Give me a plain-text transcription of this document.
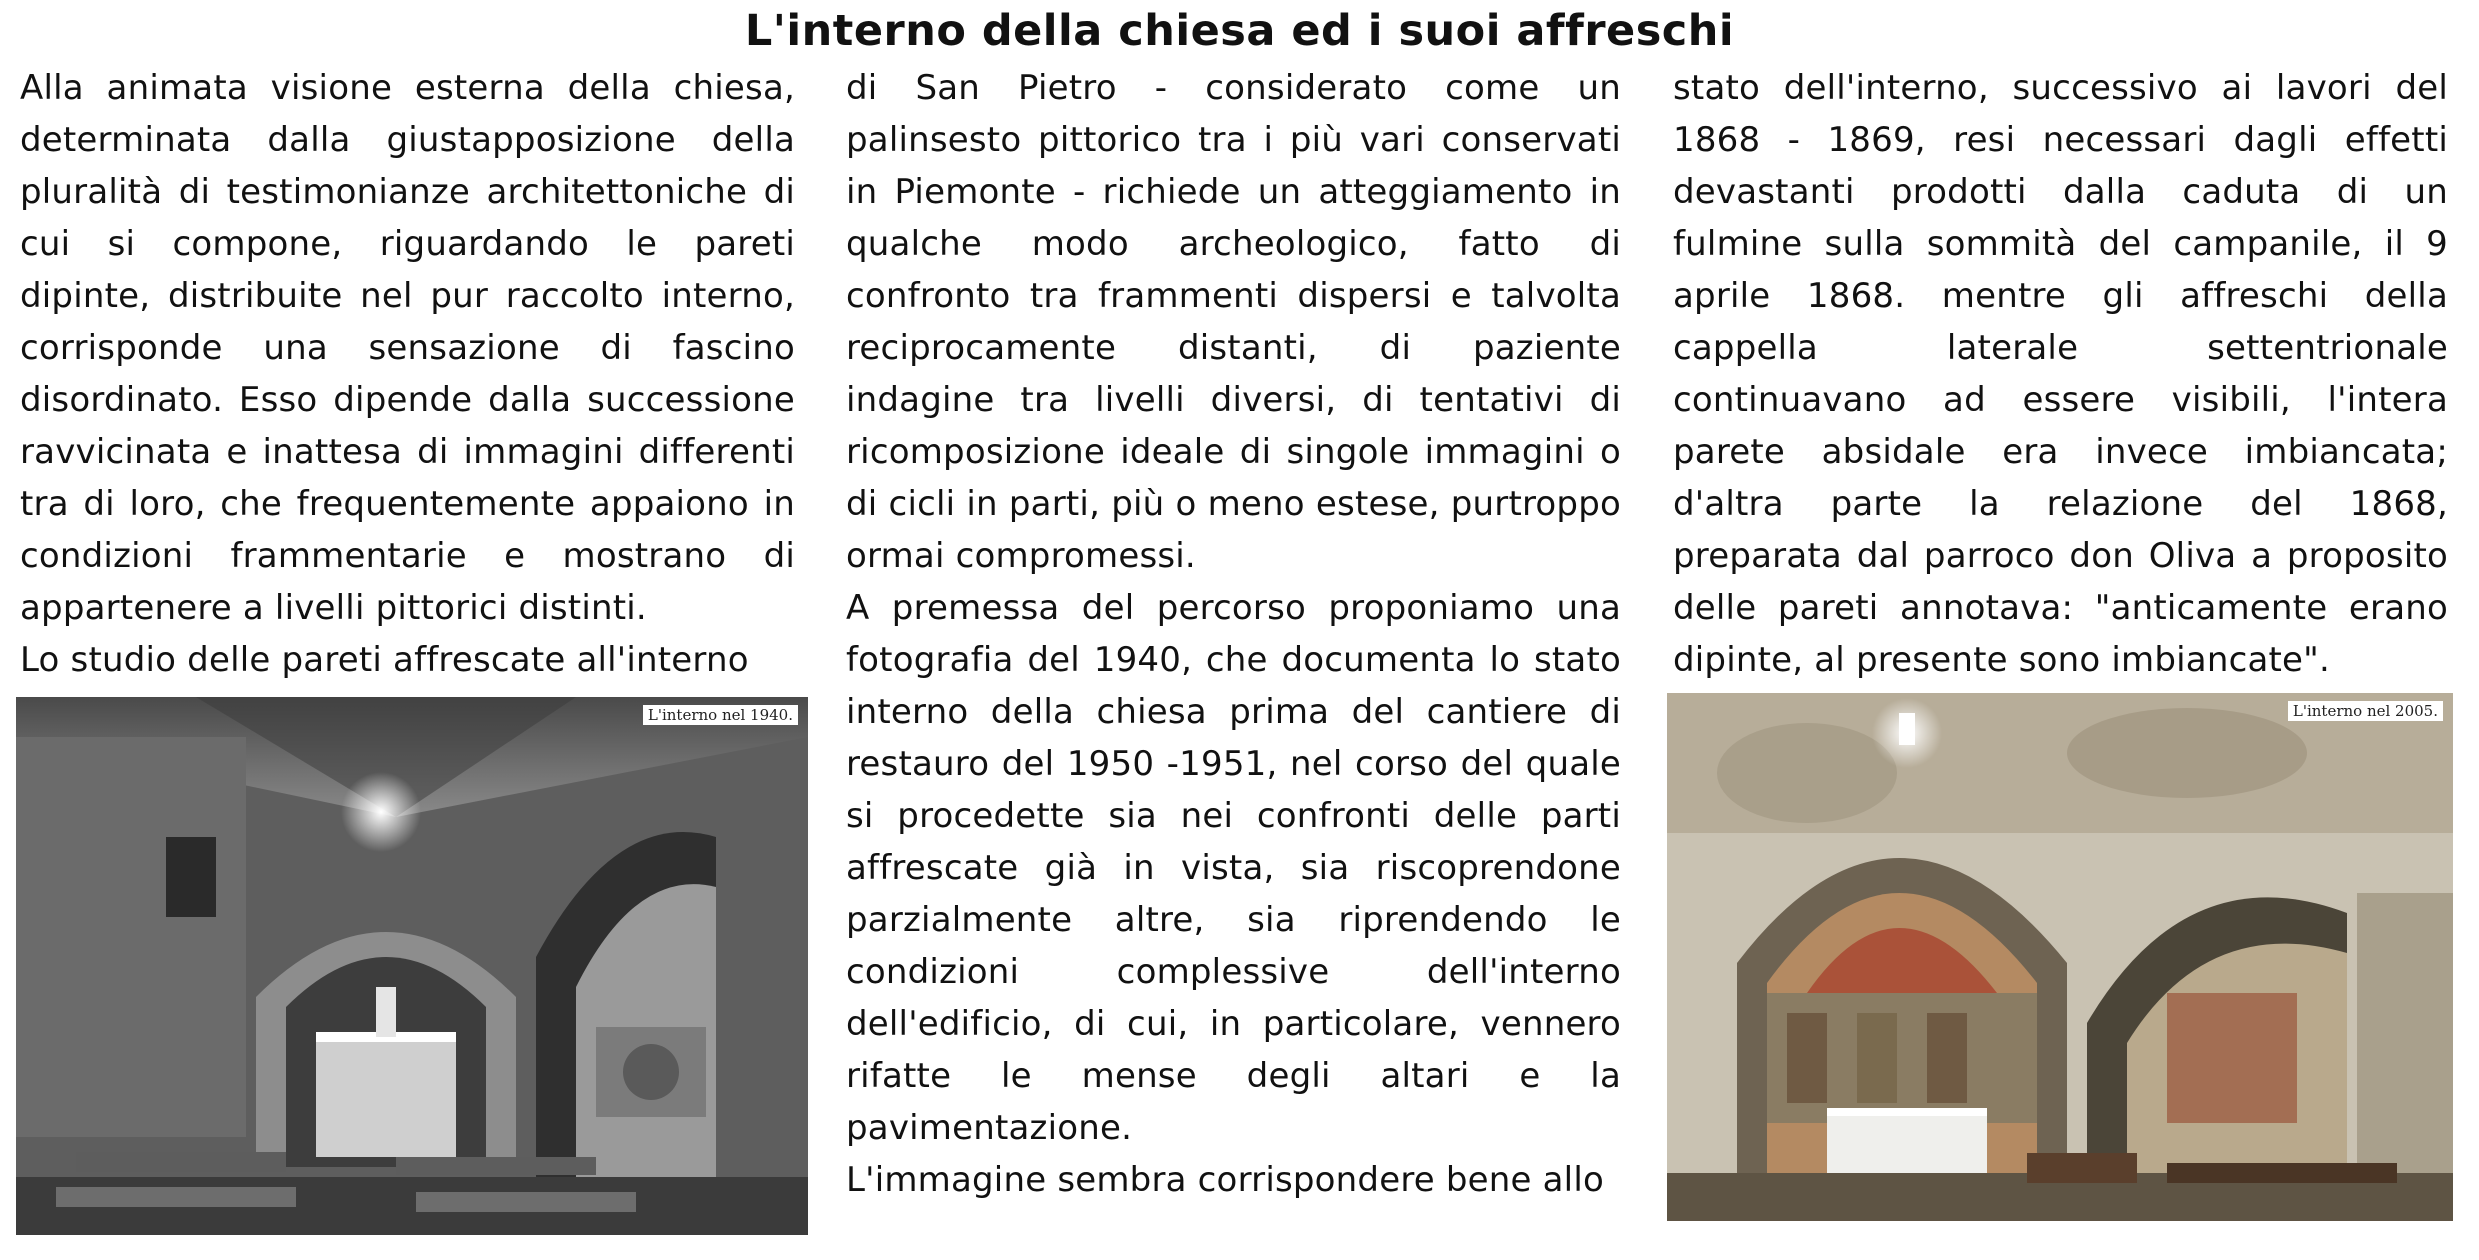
L'interno della chiesa ed i suoi affreschi

Alla animata visione esterna della chiesa, determinata dalla giustapposizione della pluralità di testimonianze architettoniche di cui si compone, riguardando le pareti dipinte, distribuite nel pur raccolto interno, corrisponde una sensazione di fascino disordinato. Esso dipende dalla successione ravvicinata e inattesa di immagini differenti tra di loro, che frequentemente appaiono in condizioni frammentarie e mostrano di appartenere a livelli pittorici distinti.

Lo studio delle pareti affrescate all'interno

di San Pietro - considerato come un palinsesto pittorico tra i più vari conservati in Piemonte - richiede un atteggiamento in qualche modo archeologico, fatto di confronto tra frammenti dispersi e talvolta reciprocamente distanti, di paziente indagine tra livelli diversi, di tentativi di ricomposizione ideale di singole immagini o di cicli in parti, più o meno estese, purtroppo ormai compromessi.

A premessa del percorso proponiamo una fotografia del 1940, che documenta lo stato interno della chiesa prima del cantiere di restauro del 1950 -1951, nel corso del quale si procedette sia nei confronti delle parti affrescate già in vista, sia riscoprendone parzialmente altre, sia riprendendo le condizioni complessive dell'interno dell'edificio, di cui, in particolare, vennero rifatte le mense degli altari e la pavimentazione.

L'immagine sembra corrispondere bene allo

stato dell'interno, successivo ai lavori del 1868 - 1869, resi necessari dagli effetti devastanti prodotti dalla caduta di un fulmine sulla sommità del campanile, il 9 aprile 1868. mentre gli affreschi della cappella laterale settentrionale continuavano ad essere visibili, l'intera parete absidale era invece imbiancata; d'altra parte la relazione del 1868, preparata dal parroco don Oliva a proposito delle pareti annotava: "anticamente erano dipinte, al presente sono imbiancate".

L'interno nel 1940.	L'interno nel 2005.
